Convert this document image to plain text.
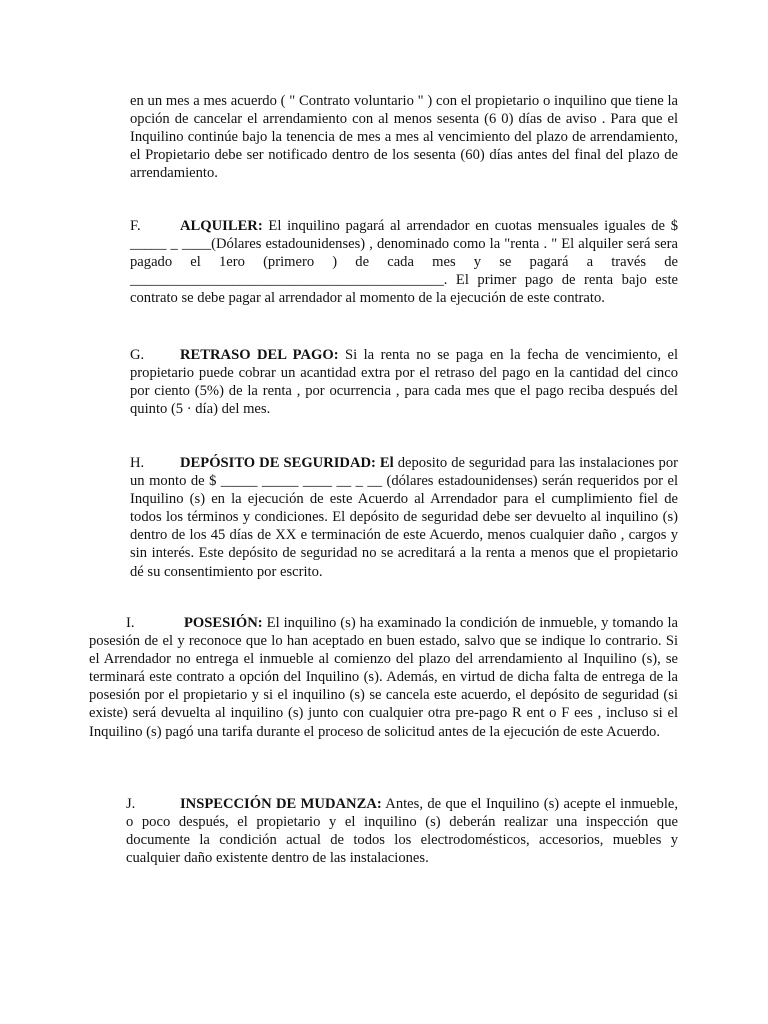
en un mes a mes acuerdo ( " Contrato voluntario " ) con el propietario o inquilino que tiene la opción de cancelar el arrendamiento con al menos sesenta (6 0) días de aviso . Para que el Inquilino continúe bajo la tenencia de mes a mes al vencimiento del plazo de arrendamiento, el Propietario debe ser notificado dentro de los sesenta (60) días antes del final del plazo de arrendamiento.

F.	ALQUILER: El inquilino pagará al arrendador en cuotas mensuales iguales de $ _____ _ ____(Dólares estadounidenses) , denominado como la "renta . " El alquiler será sera pagado el 1ero (primero ) de cada mes y se pagará a través de ___________________________________________. El primer pago de renta bajo este contrato se debe pagar al arrendador al momento de la ejecución de este contrato.

G. RETRASO DEL PAGO: Si la renta no se paga en la fecha de vencimiento, el propietario puede cobrar un acantidad extra por el retraso del pago en la cantidad del cinco por ciento (5%) de la renta , por ocurrencia , para cada mes que el pago reciba después del quinto (5 · día) del mes.

H. DEPÓSITO DE SEGURIDAD: El deposito de seguridad para las instalaciones por un monto de $ _____ _____ ____ __ _ __ (dólares estadounidenses) serán requeridos por el Inquilino (s) en la ejecución de este Acuerdo al Arrendador para el cumplimiento fiel de todos los términos y condiciones. El depósito de seguridad debe ser devuelto al inquilino (s) dentro de los 45 días de XX e terminación de este Acuerdo, menos cualquier daño , cargos y sin interés. Este depósito de seguridad no se acreditará a la renta a menos que el propietario dé su consentimiento por escrito.

I.	POSESIÓN: El inquilino (s) ha examinado la condición de inmueble, y tomando la posesión de el y reconoce que lo han aceptado en buen estado, salvo que se indique lo contrario. Si el Arrendador no entrega el inmueble al comienzo del plazo del arrendamiento al Inquilino (s), se terminará este contrato a opción del Inquilino (s). Además, en virtud de dicha falta de entrega de la posesión por el propietario y si el inquilino (s) se cancela este acuerdo, el depósito de seguridad (si existe) será devuelta al inquilino (s) junto con cualquier otra pre-pago R ent o F ees , incluso si el Inquilino (s) pagó una tarifa durante el proceso de solicitud antes de la ejecución de este Acuerdo.

J.	INSPECCIÓN DE MUDANZA: Antes, de que el Inquilino (s) acepte el inmueble, o poco después, el propietario y el inquilino (s) deberán realizar una inspección que documente la condición actual de todos los electrodomésticos, accesorios, muebles y cualquier daño existente dentro de las instalaciones.
